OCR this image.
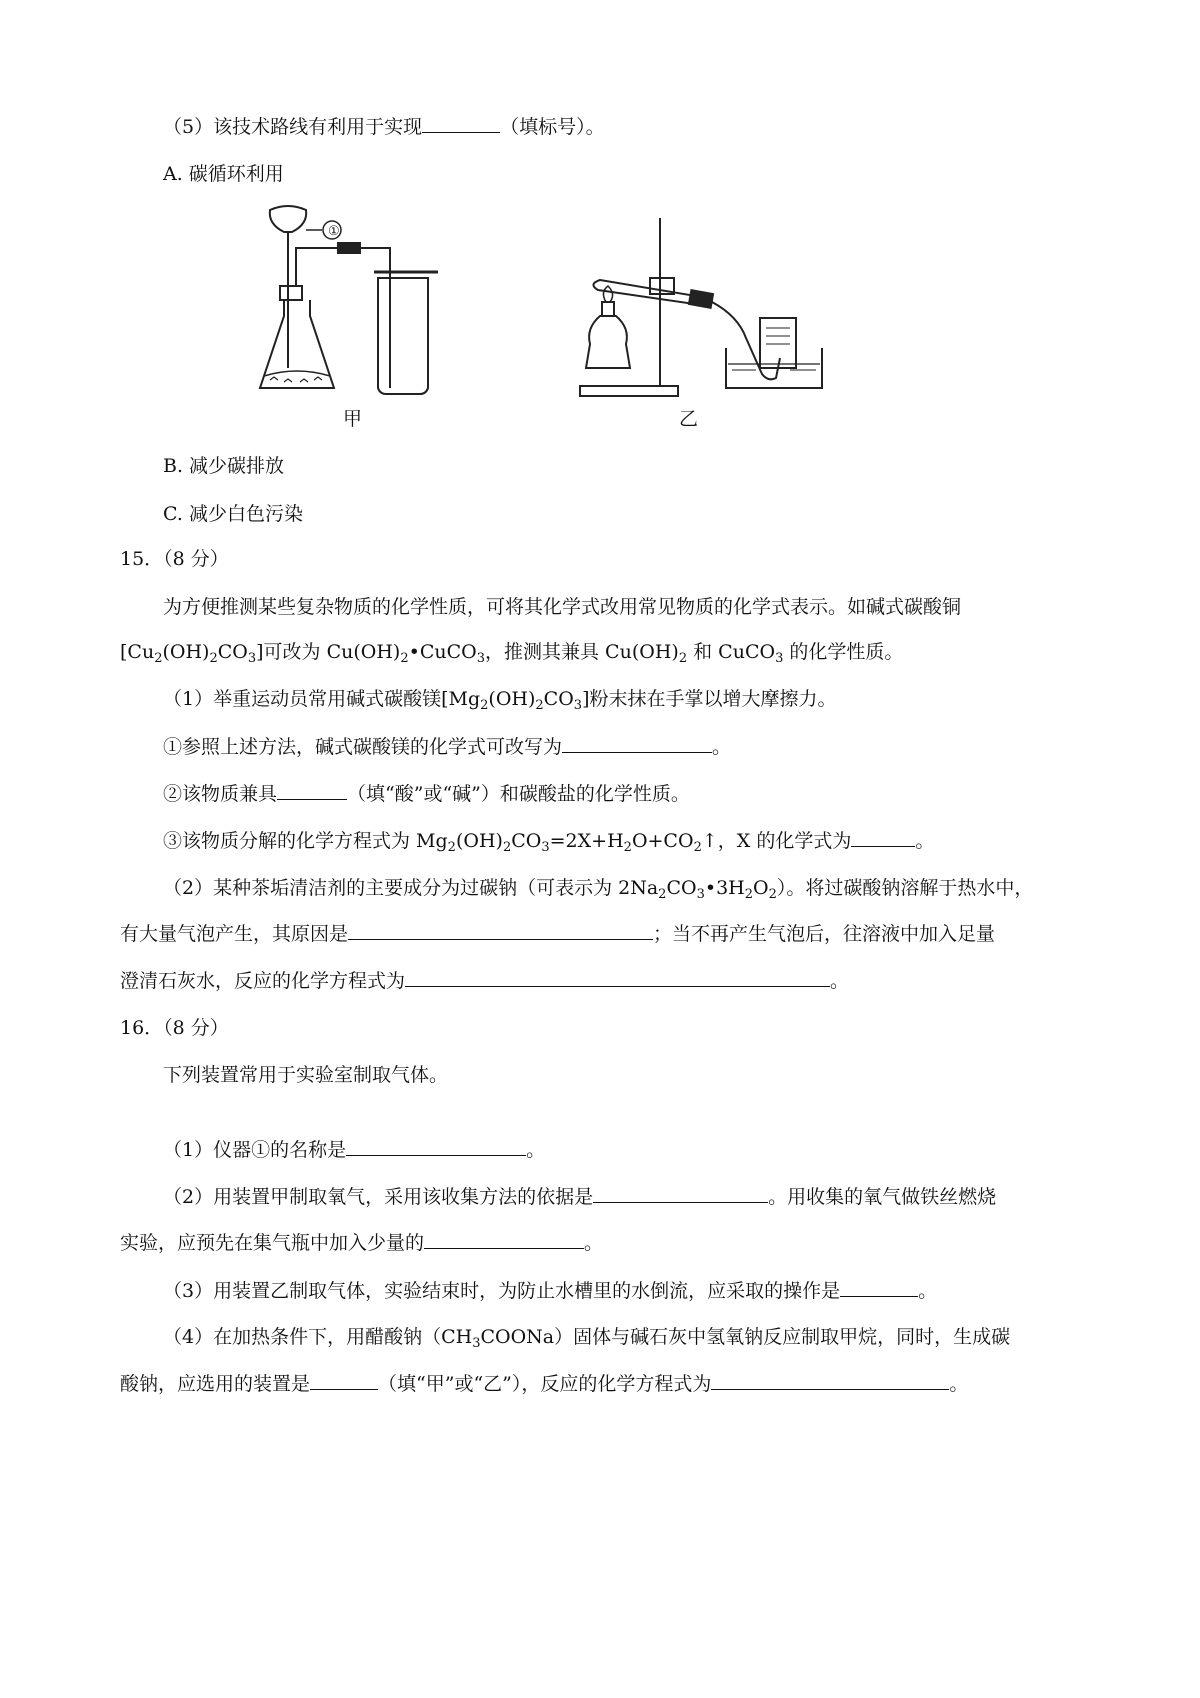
（5）该技术路线有利用于实现	（填标号）。
A. 碳循环利用
①
甲	乙
B. 减少碳排放
C. 减少白色污染
15．（8 分）
为方便推测某些复杂物质的化学性质，可将其化学式改用常见物质的化学式表示。如碱式碳酸铜
$[Cu_2(OH)_2CO_3]$可改为 $Cu(OH)_2•CuCO_3$，推测其兼具 $Cu(OH)_2$ 和 CuCO$_3$ 的化学性质。
（1）举重运动员常用碱式碳酸镁$[Mg_2(OH)_2CO_3]$粉末抹在手掌以增大摩擦力。
①参照上述方法，碱式碳酸镁的化学式可改写为	。
②该物质兼具	（填“酸”或“碱”）和碳酸盐的化学性质。
③该物质分解的化学方程式为 $Mg_2(OH)_2CO_3=2X+H_2O+CO_2↑$，X 的化学式为	。
（2）某种茶垢清洁剂的主要成分为过碳钠（可表示为 $2Na_2CO_3•3H_2O_2$）。将过碳酸钠溶解于热水中，
有大量气泡产生，其原因是	；当不再产生气泡后，往溶液中加入足量
澄清石灰水，反应的化学方程式为	。
16．（8 分）
下列装置常用于实验室制取气体。
（1）仪器①的名称是	。
（2）用装置甲制取氧气，采用该收集方法的依据是	。用收集的氧气做铁丝燃烧
实验，应预先在集气瓶中加入少量的	。
（3）用装置乙制取气体，实验结束时，为防止水槽里的水倒流，应采取的操作是	。
（4）在加热条件下，用醋酸钠$(CH_3COONa)$固体与碱石灰中氢氧钠反应制取甲烷，同时，生成碳
酸钠，应选用的装置是	（填“甲”或“乙”），反应的化学方程式为	。
